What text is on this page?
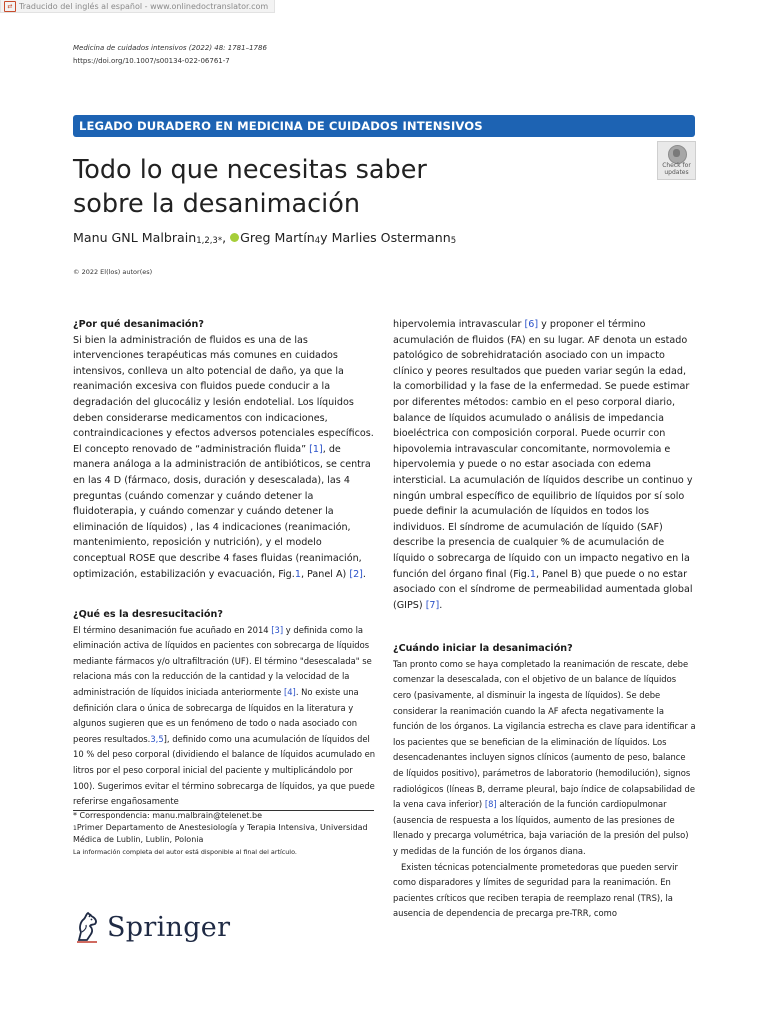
⇄ Traducido del inglés al español - www.onlinedoctranslator.com
Medicina de cuidados intensivos (2022) 48: 1781–1786
https://doi.org/10.1007/s00134-022-06761-7
LEGADO DURADERO EN MEDICINA DE CUIDADOS INTENSIVOS
Check for
updates
Todo lo que necesitas saber
sobre la desanimación
Manu GNL Malbrain1,2,3*, Greg Martín4y Marlies Ostermann5
© 2022 El(los) autor(es)

¿Por qué desanimación?

Si bien la administración de fluidos es una de las intervenciones terapéuticas más comunes en cuidados intensivos, conlleva un alto potencial de daño, ya que la reanimación excesiva con fluidos puede conducir a la degradación del glucocáliz y lesión endotelial. Los líquidos deben considerarse medicamentos con indicaciones, contraindicaciones y efectos adversos potenciales específicos. El concepto renovado de “administración fluida” [1], de manera análoga a la administración de antibióticos, se centra en las 4 D (fármaco, dosis, duración y desescalada), las 4 preguntas (cuándo comenzar y cuándo detener la fluidoterapia, y cuándo comenzar y cuándo detener la eliminación de líquidos) , las 4 indicaciones (reanimación, mantenimiento, reposición y nutrición), y el modelo conceptual ROSE que describe 4 fases fluidas (reanimación, optimización, estabilización y evacuación, Fig.1, Panel A) [2].

¿Qué es la desresucitación?

El término desanimación fue acuñado en 2014 [3] y definida como la eliminación activa de líquidos en pacientes con sobrecarga de líquidos mediante fármacos y/o ultrafiltración (UF). El término "desescalada" se relaciona más con la reducción de la cantidad y la velocidad de la administración de líquidos iniciada anteriormente [4]. No existe una definición clara o única de sobrecarga de líquidos en la literatura y algunos sugieren que es un fenómeno de todo o nada asociado con peores resultados.3,5], definido como una acumulación de líquidos del 10 % del peso corporal (dividiendo el balance de líquidos acumulado en litros por el peso corporal inicial del paciente y multiplicándolo por 100). Sugerimos evitar el término sobrecarga de líquidos, ya que puede referirse engañosamente

hipervolemia intravascular [6] y proponer el término acumulación de fluidos (FA) en su lugar. AF denota un estado patológico de sobrehidratación asociado con un impacto clínico y peores resultados que pueden variar según la edad, la comorbilidad y la fase de la enfermedad. Se puede estimar por diferentes métodos: cambio en el peso corporal diario, balance de líquidos acumulado o análisis de impedancia bioeléctrica con composición corporal. Puede ocurrir con hipovolemia intravascular concomitante, normovolemia e hipervolemia y puede o no estar asociada con edema intersticial. La acumulación de líquidos describe un continuo y ningún umbral específico de equilibrio de líquidos por sí solo puede definir la acumulación de líquidos en todos los individuos. El síndrome de acumulación de líquido (SAF) describe la presencia de cualquier % de acumulación de líquido o sobrecarga de líquido con un impacto negativo en la función del órgano final (Fig.1, Panel B) que puede o no estar asociado con el síndrome de permeabilidad aumentada global (GIPS) [7].

¿Cuándo iniciar la desanimación?

Tan pronto como se haya completado la reanimación de rescate, debe comenzar la desescalada, con el objetivo de un balance de líquidos cero (pasivamente, al disminuir la ingesta de líquidos). Se debe considerar la reanimación cuando la AF afecta negativamente la función de los órganos. La vigilancia estrecha es clave para identificar a los pacientes que se benefician de la eliminación de líquidos. Los desencadenantes incluyen signos clínicos (aumento de peso, balance de líquidos positivo), parámetros de laboratorio (hemodilución), signos radiológicos (líneas B, derrame pleural, bajo índice de colapsabilidad de la vena cava inferior) [8] alteración de la función cardiopulmonar (ausencia de respuesta a los líquidos, aumento de las presiones de llenado y precarga volumétrica, baja variación de la presión del pulso) y medidas de la función de los órganos diana.

Existen técnicas potencialmente prometedoras que pueden servir como disparadores y límites de seguridad para la reanimación. En pacientes críticos que reciben terapia de reemplazo renal (TRS), la ausencia de dependencia de precarga pre-TRR, como

* Correspondencia: manu.malbrain@telenet.be
1Primer Departamento de Anestesiología y Terapia Intensiva, Universidad
Médica de Lublin, Lublin, Polonia
La información completa del autor está disponible al final del artículo.
Springer
